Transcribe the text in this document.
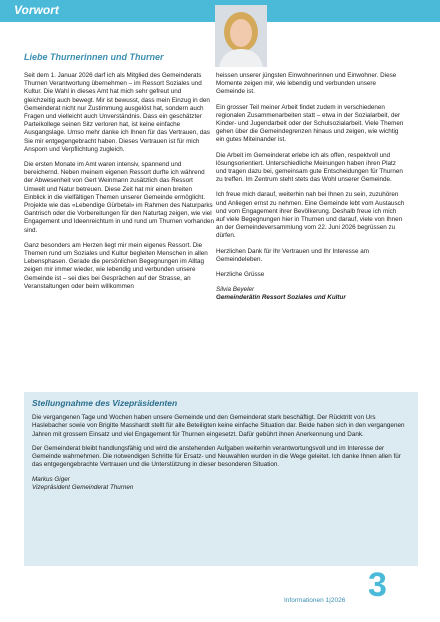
Vorwort
Liebe Thurnerinnen und Thurner

Seit dem 1. Januar 2026 darf ich als Mitglied des Gemeinderats Thurnen Verantwortung übernehmen – im Ressort Soziales und Kultur. Die Wahl in dieses Amt hat mich sehr gefreut und gleichzeitig auch bewegt. Mir ist bewusst, dass mein Einzug in den Gemeinderat nicht nur Zustimmung ausgelöst hat, sondern auch Fragen und vielleicht auch Unverständnis. Dass ein geschätzter Parteikollege seinen Sitz verloren hat, ist keine einfache Ausgangslage. Umso mehr danke ich Ihnen für das Vertrauen, das Sie mir entgegengebracht haben. Dieses Vertrauen ist für mich Ansporn und Verpflichtung zugleich.

Die ersten Monate im Amt waren intensiv, spannend und bereichernd. Neben meinem eigenen Ressort durfte ich während der Abwesenheit von Gert Weinmann zusätzlich das Ressort Umwelt und Natur betreuen. Diese Zeit hat mir einen breiten Einblick in die vielfältigen Themen unserer Gemeinde ermöglicht. Projekte wie das «Lebendige Gürbetal» im Rahmen des Naturparks Gantrisch oder die Vorbereitungen für den Naturtag zeigen, wie viel Engagement und Ideenreichtum in und rund um Thurnen vorhanden sind.

Ganz besonders am Herzen liegt mir mein eigenes Ressort. Die Themen rund um Soziales und Kultur begleiten Menschen in allen Lebensphasen. Gerade die persönlichen Begegnungen im Alltag zeigen mir immer wieder, wie lebendig und verbunden unsere Gemeinde ist – sei dies bei Gesprächen auf der Strasse, an Veranstaltungen oder beim willkommen

heissen unserer jüngsten Einwohnerinnen und Einwohner. Diese Momente zeigen mir, wie lebendig und verbunden unsere Gemeinde ist.

Ein grosser Teil meiner Arbeit findet zudem in verschiedenen regionalen Zusammenarbeiten statt – etwa in der Sozialarbeit, der Kinder- und Jugendarbeit oder der Schulsozialarbeit. Viele Themen gehen über die Gemeindegrenzen hinaus und zeigen, wie wichtig ein gutes Miteinander ist.

Die Arbeit im Gemeinderat erlebe ich als offen, respektvoll und lösungsorientiert. Unterschiedliche Meinungen haben ihren Platz und tragen dazu bei, gemeinsam gute Entscheidungen für Thurnen zu treffen. Im Zentrum steht stets das Wohl unserer Gemeinde.

Ich freue mich darauf, weiterhin nah bei Ihnen zu sein, zuzuhören und Anliegen ernst zu nehmen. Eine Gemeinde lebt vom Austausch und vom Engagement ihrer Bevölkerung. Deshalb freue ich mich auf viele Begegnungen hier in Thurnen und darauf, viele von Ihnen an der Gemeindeversammlung vom 22. Juni 2026 begrüssen zu dürfen.

Herzlichen Dank für Ihr Vertrauen und Ihr Interesse am Gemeindeleben.

Herzliche Grüsse

Silvia Beyeler
Gemeinderätin Ressort Soziales und Kultur
Stellungnahme des Vizepräsidenten

Die vergangenen Tage und Wochen haben unsere Gemeinde und den Gemeinderat stark beschäftigt. Der Rücktritt von Urs Haslebacher sowie von Brigitte Masshardt stellt für alle Beteiligten keine einfache Situation dar. Beide haben sich in den vergangenen Jahren mit grossem Einsatz und viel Engagement für Thurnen eingesetzt. Dafür gebührt ihnen Anerkennung und Dank.

Der Gemeinderat bleibt handlungsfähig und wird die anstehenden Aufgaben weiterhin verantwortungsvoll und im Interesse der Gemeinde wahrnehmen. Die notwendigen Schritte für Ersatz- und Neuwahlen wurden in die Wege geleitet. Ich danke Ihnen allen für das entgegengebrachte Vertrauen und die Unterstützung in dieser besonderen Situation.

Markus Giger
Vizepräsident Gemeinderat Thurnen
Informationen 1|2026 3
